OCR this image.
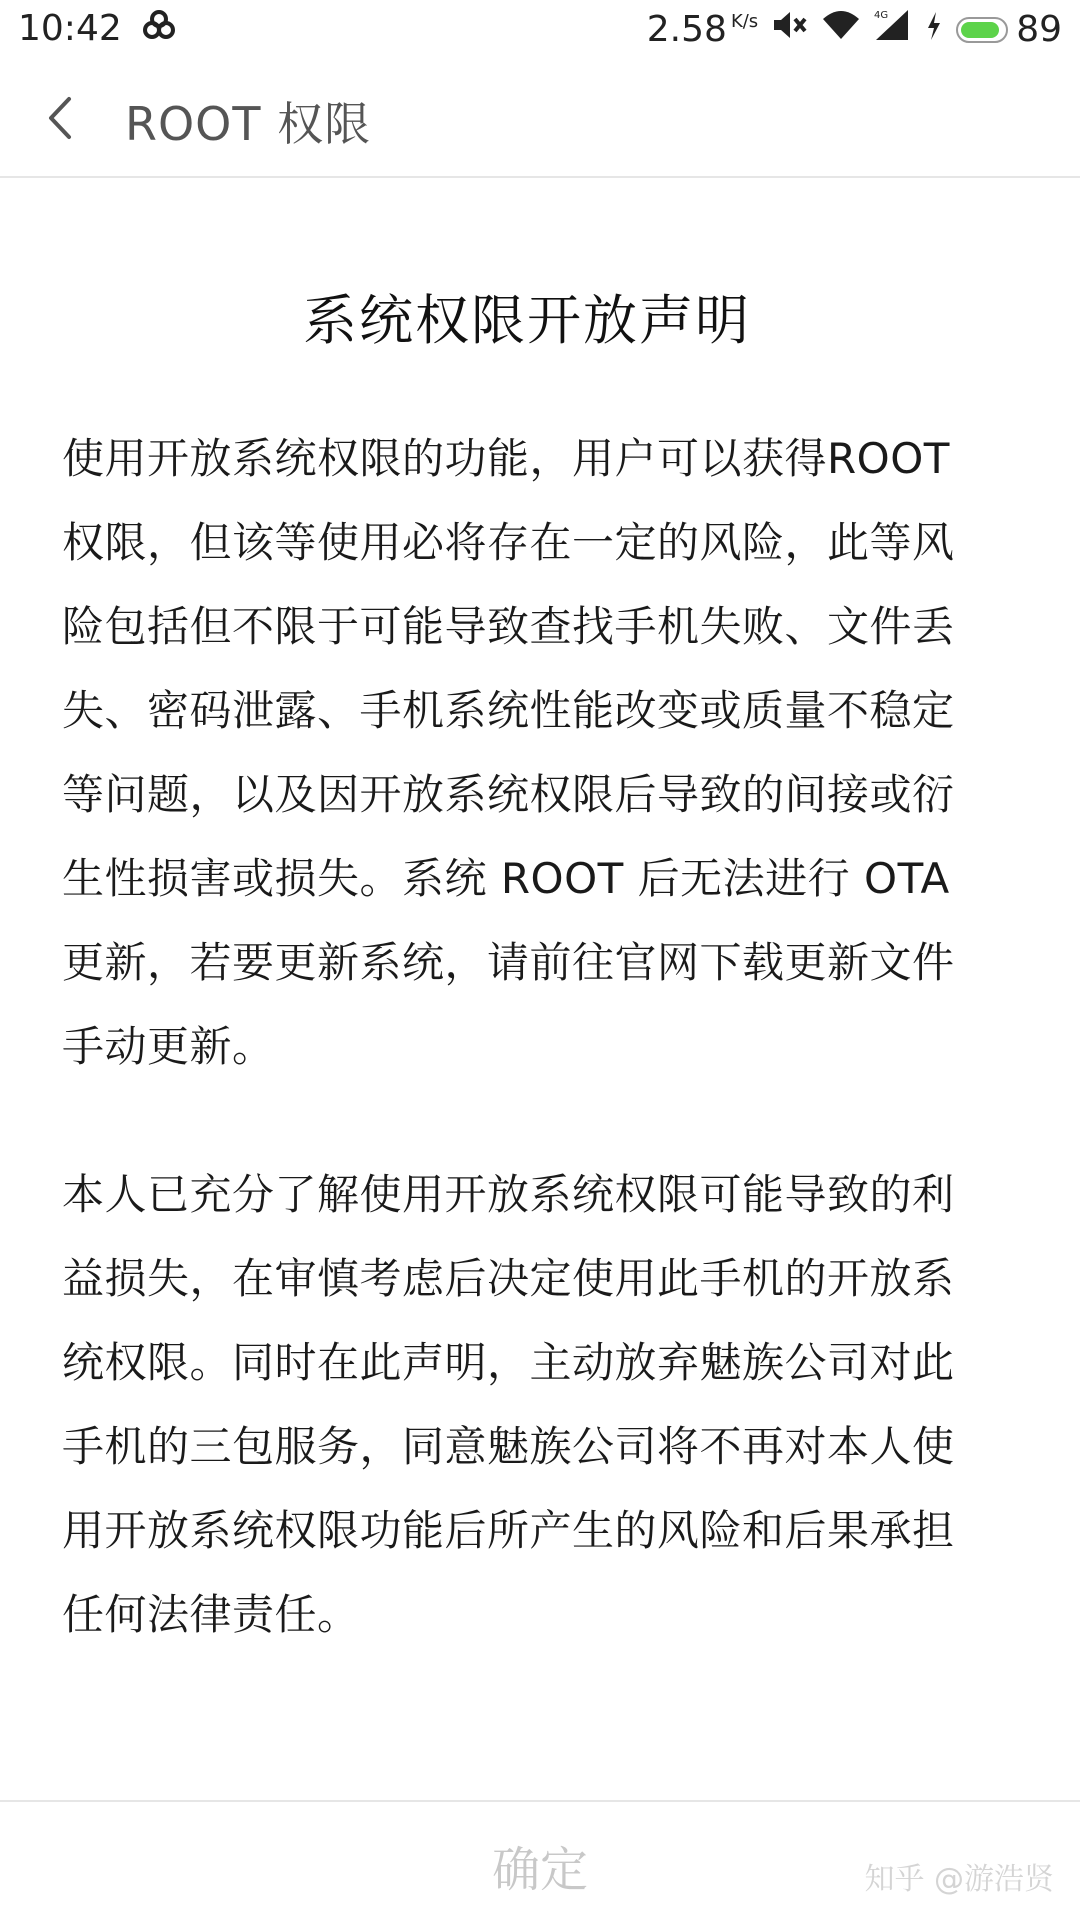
10:42	2.58 K/s	4G	89
ROOT 权限
系统权限开放声明

使用开放系统权限的功能，用户可以获得ROOT 权限，但该等使用必将存在一定的风险，此等风险包括但不限于可能导致查找手机失败、文件丢失、密码泄露、手机系统性能改变或质量不稳定等问题，以及因开放系统权限后导致的间接或衍生性损害或损失。系统 ROOT 后无法进行 OTA 更新，若要更新系统，请前往官网下载更新文件手动更新。

本人已充分了解使用开放系统权限可能导致的利益损失，在审慎考虑后决定使用此手机的开放系统权限。同时在此声明，主动放弃魅族公司对此手机的三包服务，同意魅族公司将不再对本人使用开放系统权限功能后所产生的风险和后果承担任何法律责任。

确定	知乎 @游浩贤
